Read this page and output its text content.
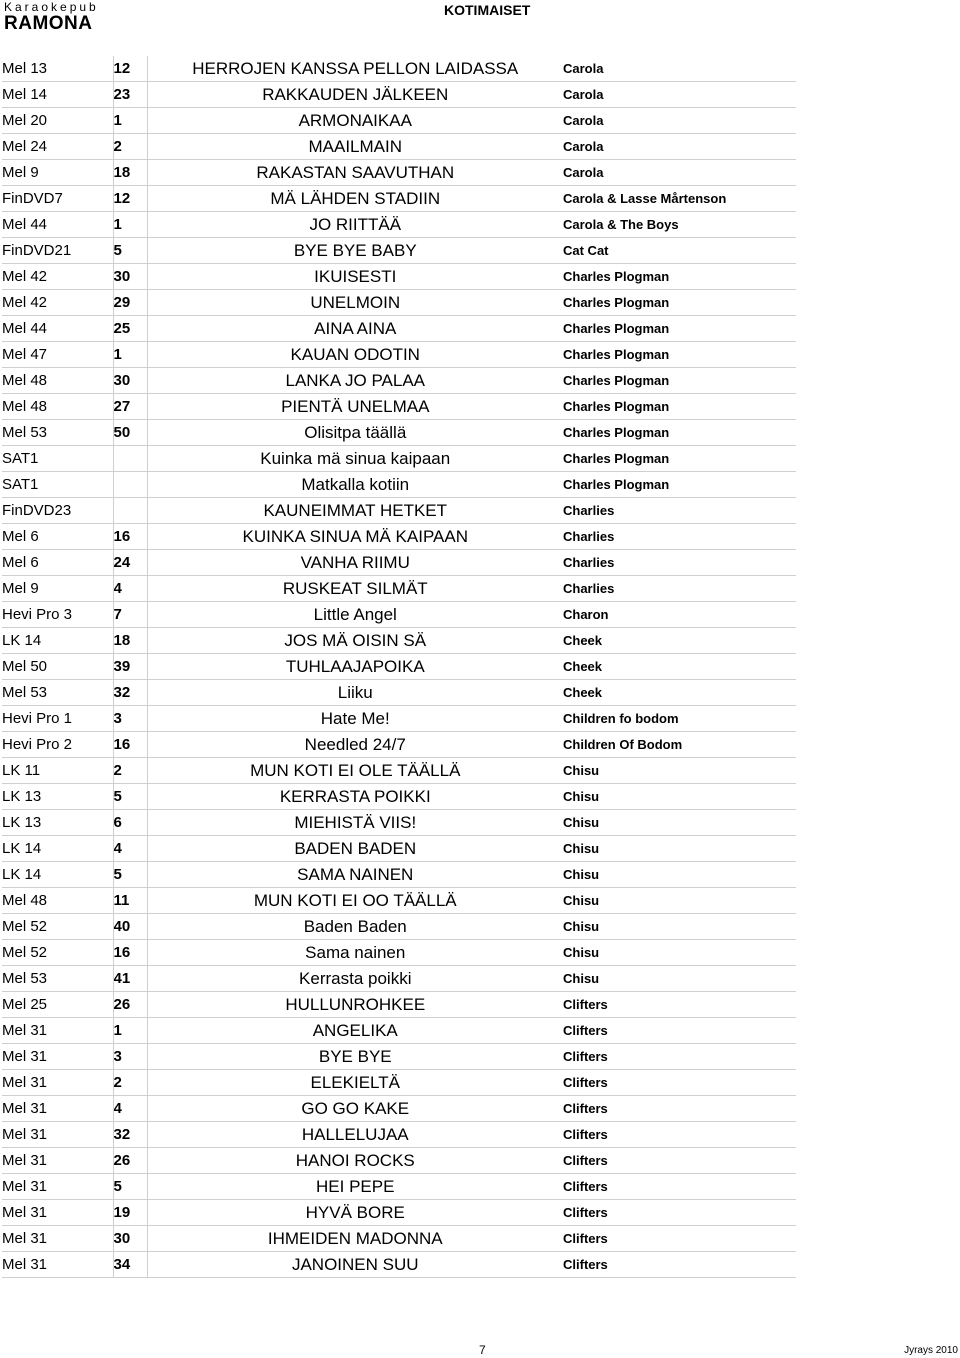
Karaokepub
RAMONA
KOTIMAISET
Mel 13	12	HERROJEN KANSSA PELLON LAIDASSA	Carola
Mel 14	23	RAKKAUDEN JÄLKEEN	Carola
Mel 20	1	ARMONAIKAA	Carola
Mel 24	2	MAAILMAIN	Carola
Mel 9	18	RAKASTAN SAAVUTHAN	Carola
FinDVD7	12	MÄ LÄHDEN STADIIN	Carola & Lasse Mårtenson
Mel 44	1	JO RIITTÄÄ	Carola & The Boys
FinDVD21	5	BYE BYE BABY	Cat Cat
Mel 42	30	IKUISESTI	Charles Plogman
Mel 42	29	UNELMOIN	Charles Plogman
Mel 44	25	AINA AINA	Charles Plogman
Mel 47	1	KAUAN ODOTIN	Charles Plogman
Mel 48	30	LANKA JO PALAA	Charles Plogman
Mel 48	27	PIENTÄ UNELMAA	Charles Plogman
Mel 53	50	Olisitpa täällä	Charles Plogman
SAT1		Kuinka mä sinua kaipaan	Charles Plogman
SAT1		Matkalla kotiin	Charles Plogman
FinDVD23		KAUNEIMMAT HETKET	Charlies
Mel 6	16	KUINKA SINUA MÄ KAIPAAN	Charlies
Mel 6	24	VANHA RIIMU	Charlies
Mel 9	4	RUSKEAT SILMÄT	Charlies
Hevi Pro 3	7	Little Angel	Charon
LK 14	18	JOS MÄ OISIN SÄ	Cheek
Mel 50	39	TUHLAAJAPOIKA	Cheek
Mel 53	32	Liiku	Cheek
Hevi Pro 1	3	Hate Me!	Children fo bodom
Hevi Pro 2	16	Needled 24/7	Children Of Bodom
LK 11	2	MUN KOTI EI OLE TÄÄLLÄ	Chisu
LK 13	5	KERRASTA POIKKI	Chisu
LK 13	6	MIEHISTÄ VIIS!	Chisu
LK 14	4	BADEN BADEN	Chisu
LK 14	5	SAMA NAINEN	Chisu
Mel 48	11	MUN KOTI EI OO TÄÄLLÄ	Chisu
Mel 52	40	Baden Baden	Chisu
Mel 52	16	Sama nainen	Chisu
Mel 53	41	Kerrasta poikki	Chisu
Mel 25	26	HULLUNROHKEE	Clifters
Mel 31	1	ANGELIKA	Clifters
Mel 31	3	BYE BYE	Clifters
Mel 31	2	ELEKIELTÄ	Clifters
Mel 31	4	GO GO KAKE	Clifters
Mel 31	32	HALLELUJAA	Clifters
Mel 31	26	HANOI ROCKS	Clifters
Mel 31	5	HEI PEPE	Clifters
Mel 31	19	HYVÄ BORE	Clifters
Mel 31	30	IHMEIDEN MADONNA	Clifters
Mel 31	34	JANOINEN SUU	Clifters
7	Jyrays 2010
